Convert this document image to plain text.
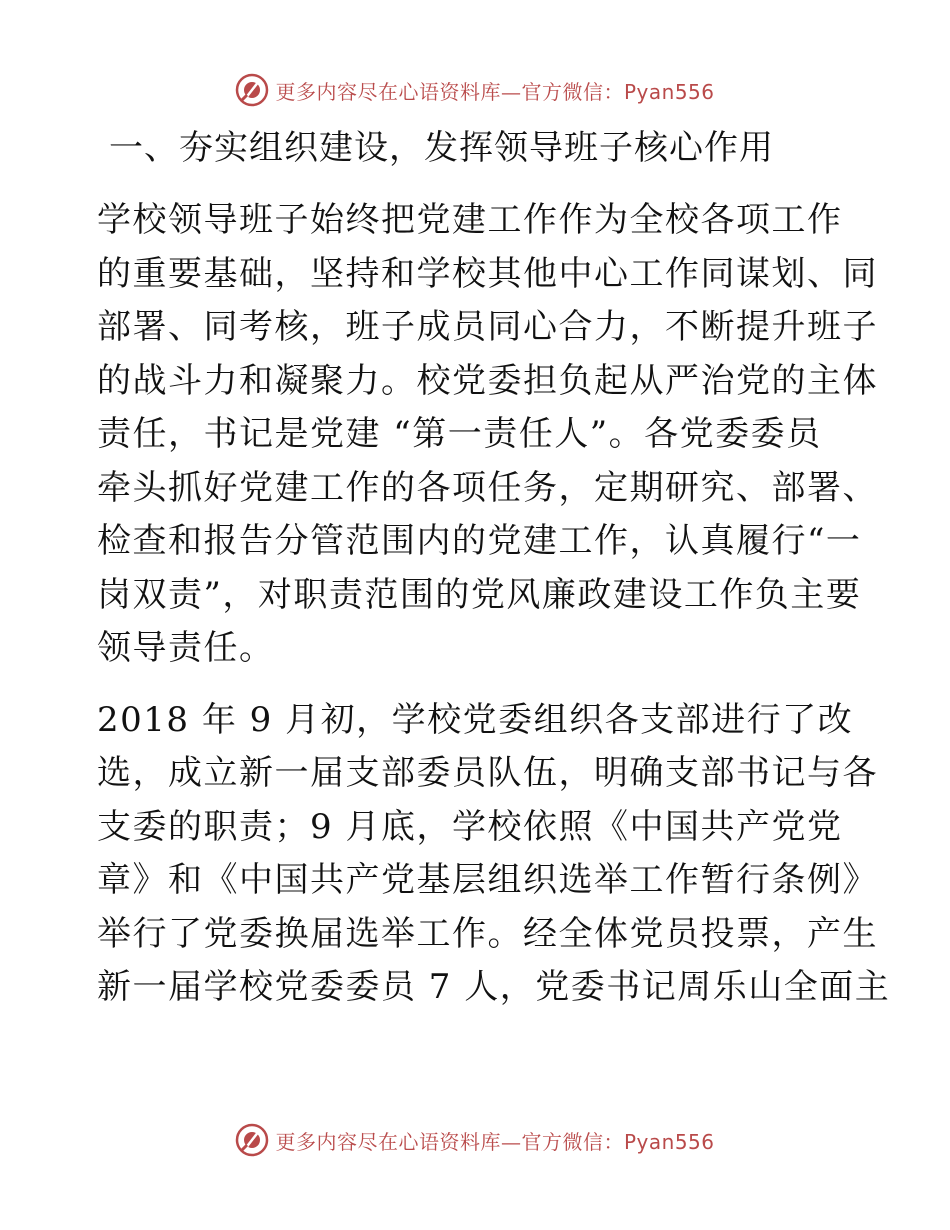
更多内容尽在心语资料库—官方微信：Pyan556
一、夯实组织建设，发挥领导班子核心作用
学校领导班子始终把党建工作作为全校各项工作
的重要基础，坚持和学校其他中心工作同谋划、同
部署、同考核，班子成员同心合力，不断提升班子
的战斗力和凝聚力。校党委担负起从严治党的主体
责任，书记是党建 “第一责任人”。各党委委员
牵头抓好党建工作的各项任务，定期研究、部署、
检查和报告分管范围内的党建工作，认真履行“一
岗双责”，对职责范围的党风廉政建设工作负主要
领导责任。
2018 年 9 月初，学校党委组织各支部进行了改
选，成立新一届支部委员队伍，明确支部书记与各
支委的职责；9 月底，学校依照《中国共产党党
章》和《中国共产党基层组织选举工作暂行条例》
举行了党委换届选举工作。经全体党员投票，产生
新一届学校党委委员 7 人，党委书记周乐山全面主
更多内容尽在心语资料库—官方微信：Pyan556
